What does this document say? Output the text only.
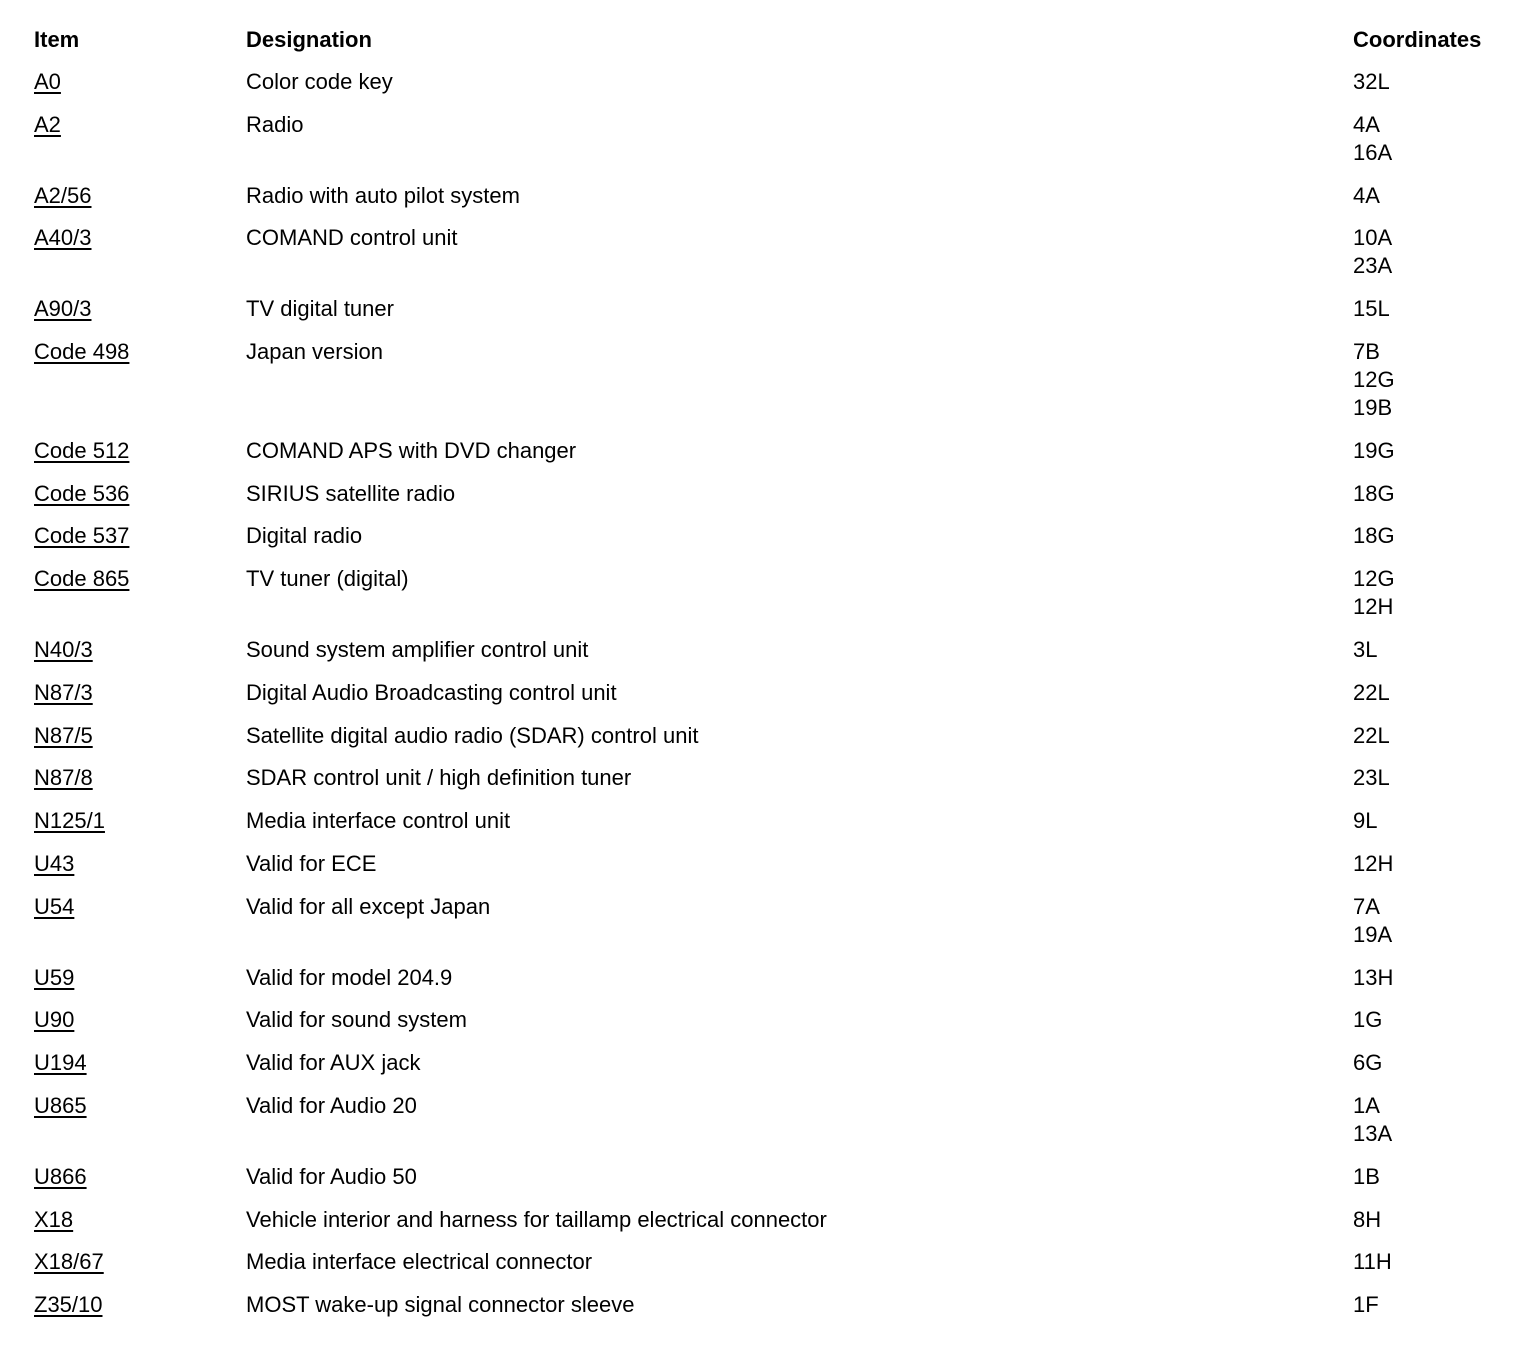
Item	Designation	Coordinates
A0	Color code key	32L

A2	Radio	4A
16A

A2/56	Radio with auto pilot system	4A

A40/3	COMAND control unit	10A
23A

A90/3	TV digital tuner	15L

Code 498	Japan version	7B
12G
19B

Code 512	COMAND APS with DVD changer	19G

Code 536	SIRIUS satellite radio	18G

Code 537	Digital radio	18G

Code 865	TV tuner (digital)	12G
12H

N40/3	Sound system amplifier control unit	3L

N87/3	Digital Audio Broadcasting control unit	22L

N87/5	Satellite digital audio radio (SDAR) control unit	22L

N87/8	SDAR control unit / high definition tuner	23L

N125/1	Media interface control unit	9L

U43	Valid for ECE	12H

U54	Valid for all except Japan	7A
19A

U59	Valid for model 204.9	13H

U90	Valid for sound system	1G

U194	Valid for AUX jack	6G

U865	Valid for Audio 20	1A
13A

U866	Valid for Audio 50	1B

X18	Vehicle interior and harness for taillamp electrical connector	8H

X18/67	Media interface electrical connector	11H

Z35/10	MOST wake-up signal connector sleeve	1F
